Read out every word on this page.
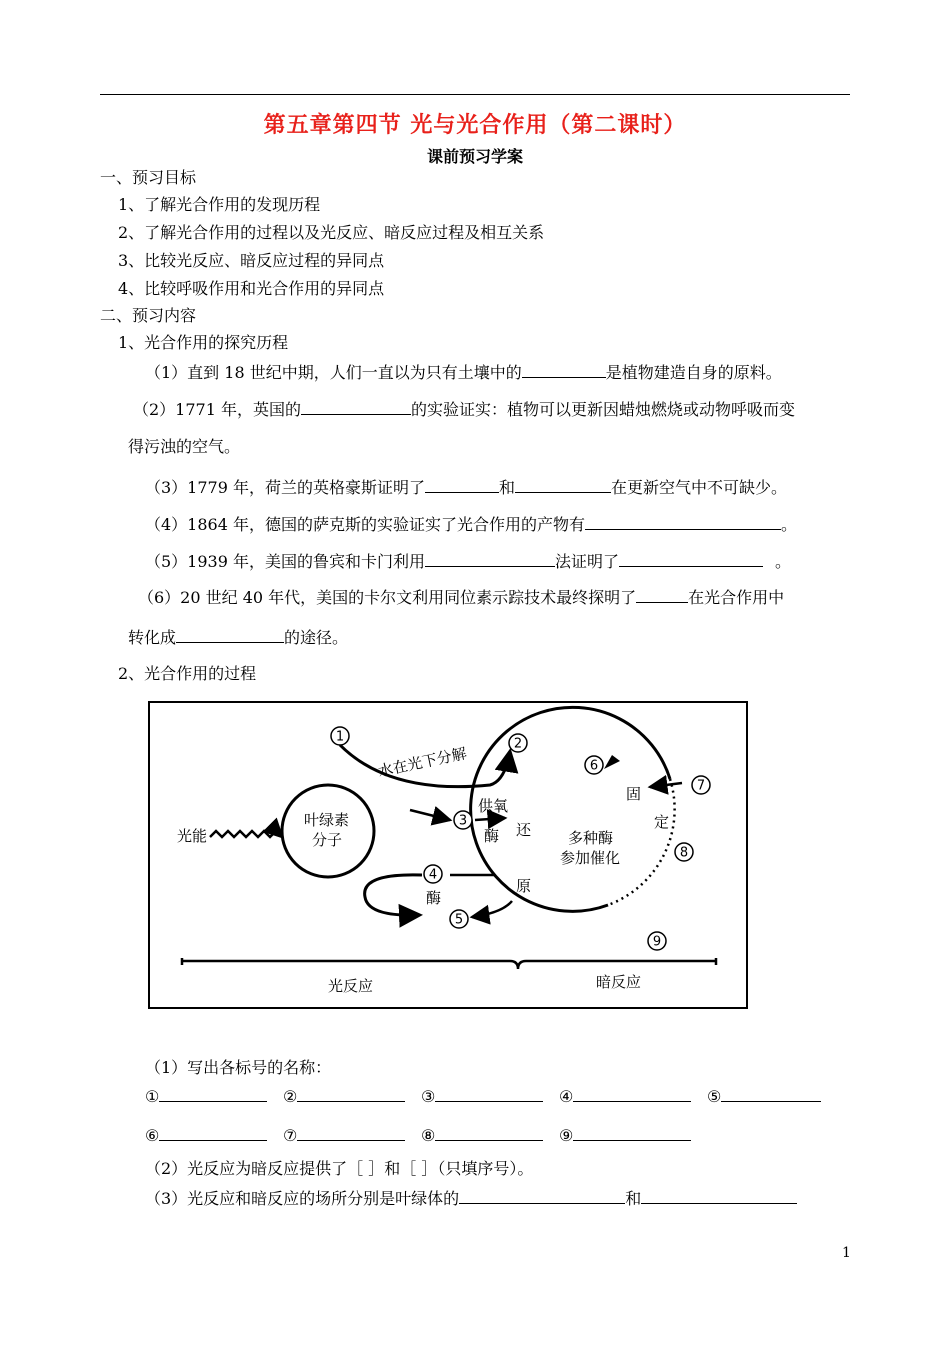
第五章第四节 光与光合作用（第二课时）
课前预习学案
一、预习目标
1、了解光合作用的发现历程
2、了解光合作用的过程以及光反应、暗反应过程及相互关系
3、比较光反应、暗反应过程的异同点
4、比较呼吸作用和光合作用的异同点
二、预习内容
1、光合作用的探究历程
（1）直到 18 世纪中期，人们一直以为只有土壤中的	是植物建造自身的原料。
（2）1771 年，英国的	的实验证实：植物可以更新因蜡烛燃烧或动物呼吸而变
得污浊的空气。
（3）1779 年，荷兰的英格豪斯证明了	和	在更新空气中不可缺少。
（4）1864 年，德国的萨克斯的实验证实了光合作用的产物有	。
（5）1939 年，美国的鲁宾和卡门利用	法证明了	。
（6）20 世纪 40 年代，美国的卡尔文利用同位素示踪技术最终探明了	在光合作用中
转化成	的途径。
2、光合作用的过程
1	2
3
4
5
6
7
8
9
光能
叶绿素
分子
水在光下分解
供氧
酶
酶
还
原
固
定
多种酶
参加催化
光反应	暗反应
（1）写出各标号的名称：
①	②	③	④	⑤
⑥	⑦	⑧	⑨
（2）光反应为暗反应提供了［ ］和［ ］（只填序号）。
（3）光反应和暗反应的场所分别是叶绿体的	和
1
